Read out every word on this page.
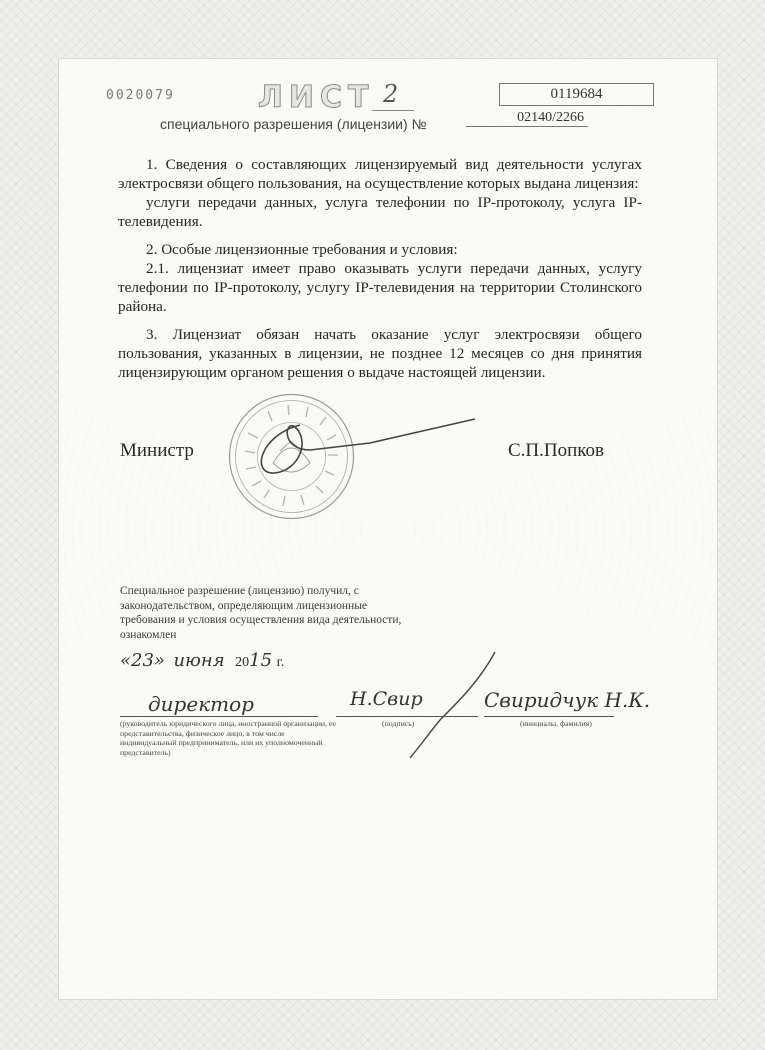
0020079	ЛИСТ 2	0119684
специального разрешения (лицензии) №	02140/2266

1. Сведения о составляющих лицензируемый вид деятельности услугах электросвязи общего пользования, на осуществление которых выдана лицензия:

услуги передачи данных, услуга телефонии по IP-протоколу, услуга IP-телевидения.

2. Особые лицензионные требования и условия:

2.1. лицензиат имеет право оказывать услуги передачи данных, услугу телефонии по IP-протоколу, услугу IP-телевидения на территории Столинского района.

3. Лицензиат обязан начать оказание услуг электросвязи общего пользования, указанных в лицензии, не позднее 12 месяцев со дня принятия лицензирующим органом решения о выдаче настоящей лицензии.

Министр	С.П.Попков
Специальное разрешение (лицензию) получил, с законодательством, определяющим лицензионные требования и условия осуществления вида деятельности, ознакомлен
«23» июня 2015 г.
директор	Н.Свир	Свиридчук Н.К.
(руководитель юридического лица, иностранной организации, ее представительства, физическое лицо, в том числе индивидуальный предприниматель, или их уполномоченный представитель)
(подпись)	(инициалы, фамилия)
